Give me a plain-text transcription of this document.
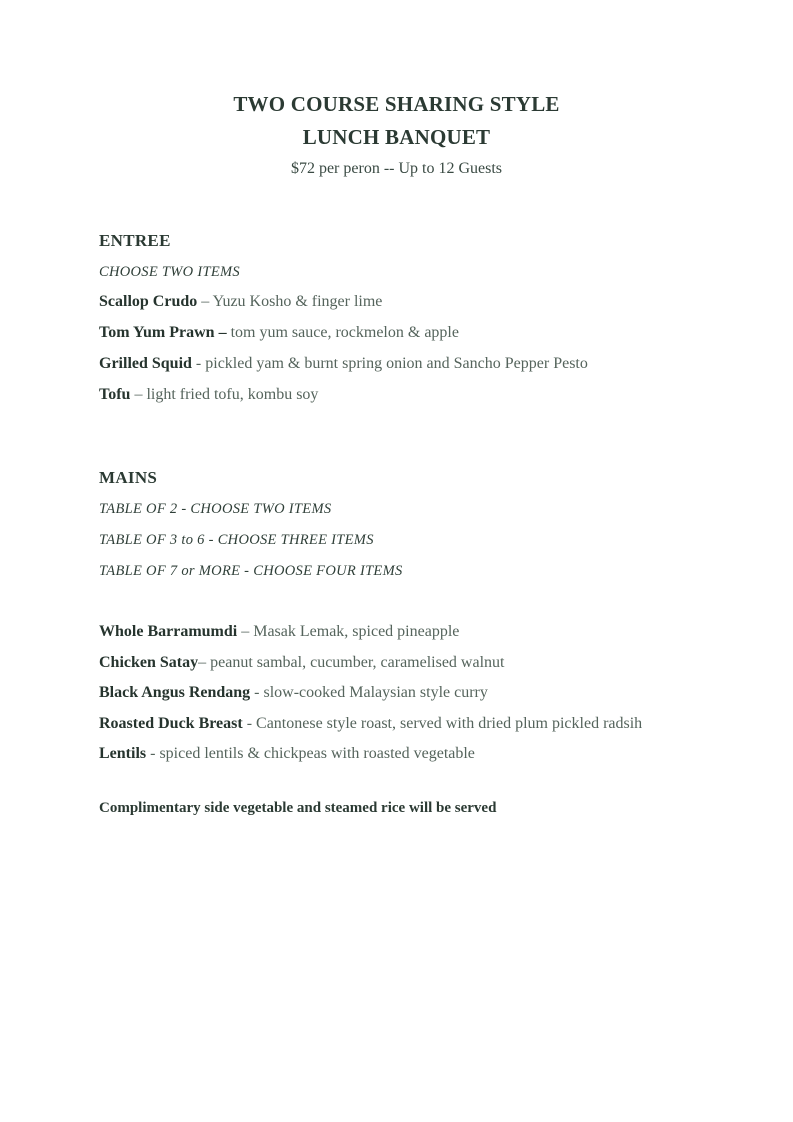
TWO COURSE SHARING STYLE
LUNCH BANQUET
$72 per peron -- Up to 12 Guests
ENTREE
CHOOSE TWO ITEMS
Scallop Crudo – Yuzu Kosho & finger lime
Tom Yum Prawn – tom yum sauce, rockmelon & apple
Grilled Squid - pickled yam & burnt spring onion and Sancho Pepper Pesto
Tofu – light fried tofu, kombu soy
MAINS
TABLE OF 2 - CHOOSE TWO ITEMS
TABLE OF 3 to 6 - CHOOSE THREE ITEMS
TABLE OF 7 or MORE - CHOOSE FOUR ITEMS
Whole Barramumdi – Masak Lemak, spiced pineapple
Chicken Satay– peanut sambal, cucumber, caramelised walnut
Black Angus Rendang - slow-cooked Malaysian style curry
Roasted Duck Breast - Cantonese style roast, served with dried plum pickled radsih
Lentils - spiced lentils & chickpeas with roasted vegetable
Complimentary side vegetable and steamed rice will be served
